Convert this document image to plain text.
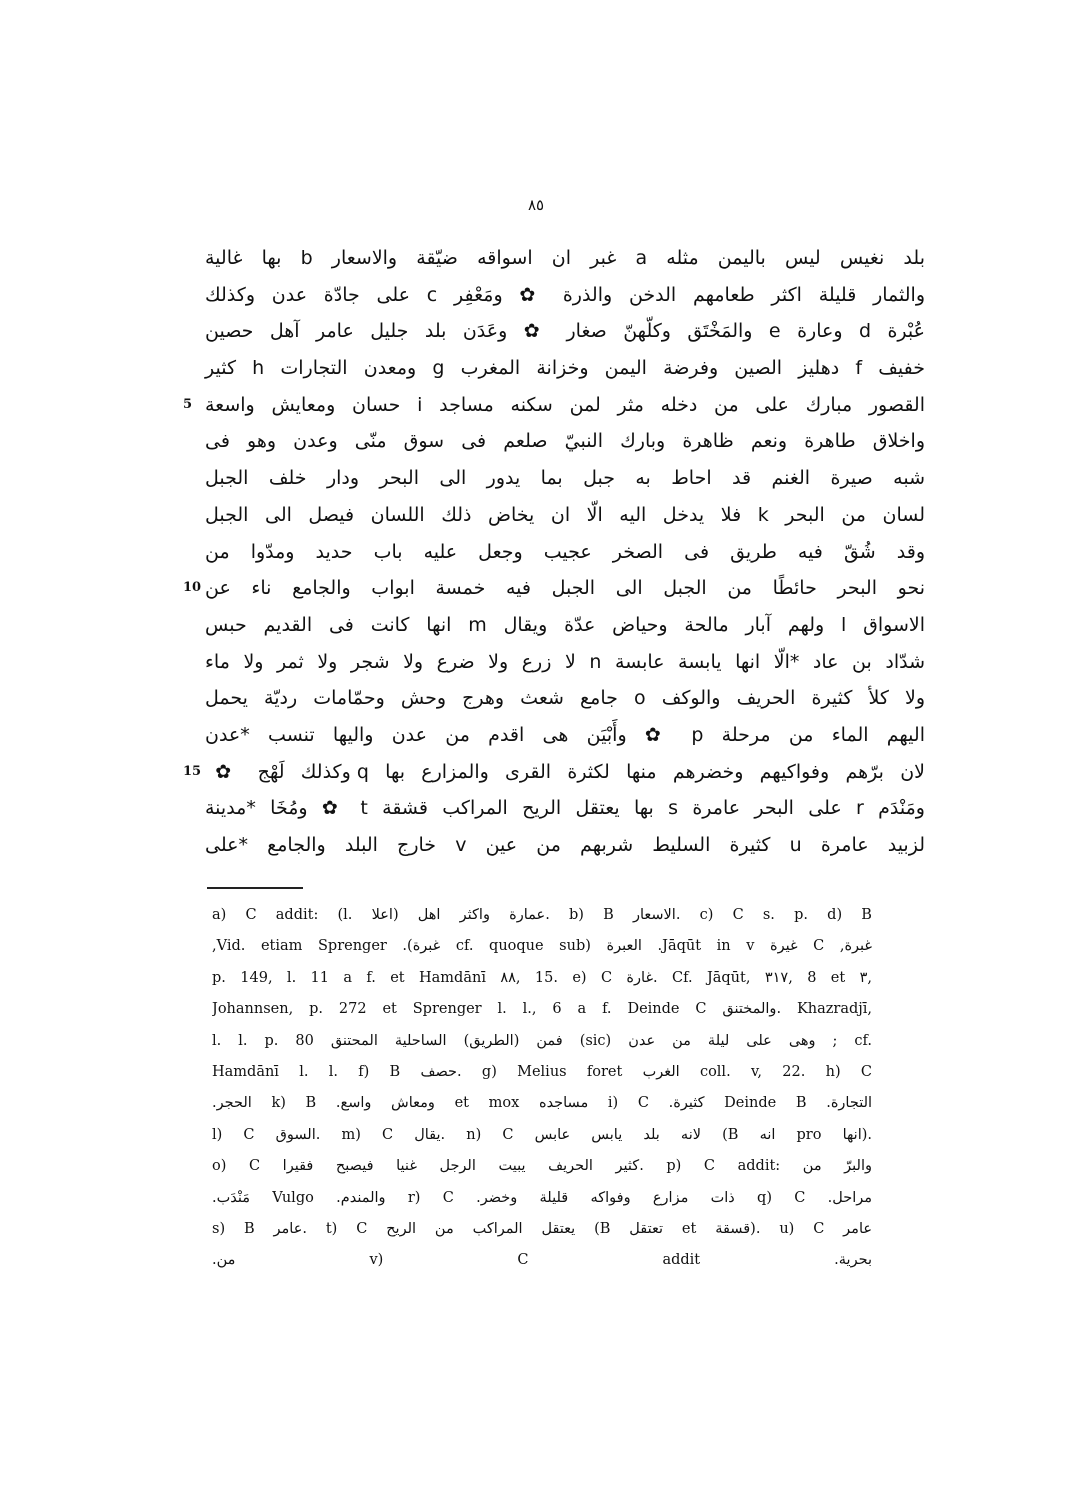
٨٥
بلد نغيس ليس باليمن مثله a غبر ان اسواقه ضيّقة والاسعار b بها غالية
والثمار قليلة اكثر طعامهم الدخن والذرة ✿ ومَعْفِر c على جادّة عدن وكذلك
عُبْرة d وعارة e والمَخْتَق وكلّهنّ صغار ✿ وعَدَن بلد جليل عامر آهل حصين
خفيف f دهليز الصين وفرضة اليمن وخزانة المغرب g ومعدن التجارات h كثير
القصور مبارك على من دخله مثر لمن سكنه مساجد i حسان ومعايش واسعة
5
واخلاق طاهرة ونعم ظاهرة وبارك النبيّ صلعم فى سوق منّى وعدن وهو فى
شبه صيرة الغنم قد احاط به جبل بما يدور الى البحر ودار خلف الجبل
لسان من البحر k فلا يدخل اليه الّا ان يخاض ذلك اللسان فيصل الى الجبل
وقد شُقّ فيه طريق فى الصخر عجيب وجعل عليه باب حديد ومدّوا من
نحو البحر حائطًا من الجبل الى الجبل فيه خمسة ابواب والجامع ناء عن
10
الاسواق l ولهم آبار مالحة وحياض عدّة ويقال m انها كانت فى القديم حبس
شدّاد بن عاد *الّا انها يابسة عابسة n لا زرع ولا ضرع ولا شجر ولا ثمر ولا ماء
ولا كلأ كثيرة الحريف والوكف o جامع شعث وهرج وحش وحمّامات رديّة يحمل
اليهم الماء من مرحلة p ✿ وأَبْيَن هى اقدم من عدن واليها تنسب *عدن
لان برّهم وفواكيهم وخضرهم منها لكثرة القرى والمزارع بها q وكذلك لَهْج ✿
15
ومَنْدَم r على البحر عامرة s بها يعتقل الريح المراكب قشقة t ✿ ومُخَا *مدينة
لزبيد عامرة u كثيرة السليط شربهم من عين v خارج البلد والجامع *على
a) C addit: (l. اعلا) عمارة واكثر اهل. b) B الاسعار. c) C s. p. d) B
غبرة, C غيرة Jāqūt in v. العبرة (cf. quoque sub غبرة). Vid. etiam Sprenger,
p. 149, l. 11 a f. et Hamdānī ٨٨, 15. e) C غارة. Cf. Jāqūt, ٣١٧, 8 et ٣,
Johannsen, p. 272 et Sprenger l. l., 6 a f. Deinde C والمختنق. Khazradjī,
l. l. p. 80 فمن (الطريق) الساحلية المحتنق (sic) وهى على ليلة من عدن ; cf.
Hamdānī l. l. f) B حصف. g) Melius foret الغرب coll. v, 22. h) C
التجارة. Deinde B كثيرة. i) C مساجده et mox ومعاش واسع. k) B الحجر.
l) C السوق. m) C يقال. n) C لانه بلد يابس عابس (B انه pro انها).
o) C كثير الحريف يبيت الرجل غنيا فيصبح فقيرا. p) C addit: والبرّ من
مراحل. q) C ذات مزارع وفواكه قليلة وخضر. r) C والمندم. Vulgo مَنْدَب.
s) B عامر. t) C يعتقل المراكب من الريح (B تعتقل et قسقة). u) C عامر
بحرية. v) C addit من.
